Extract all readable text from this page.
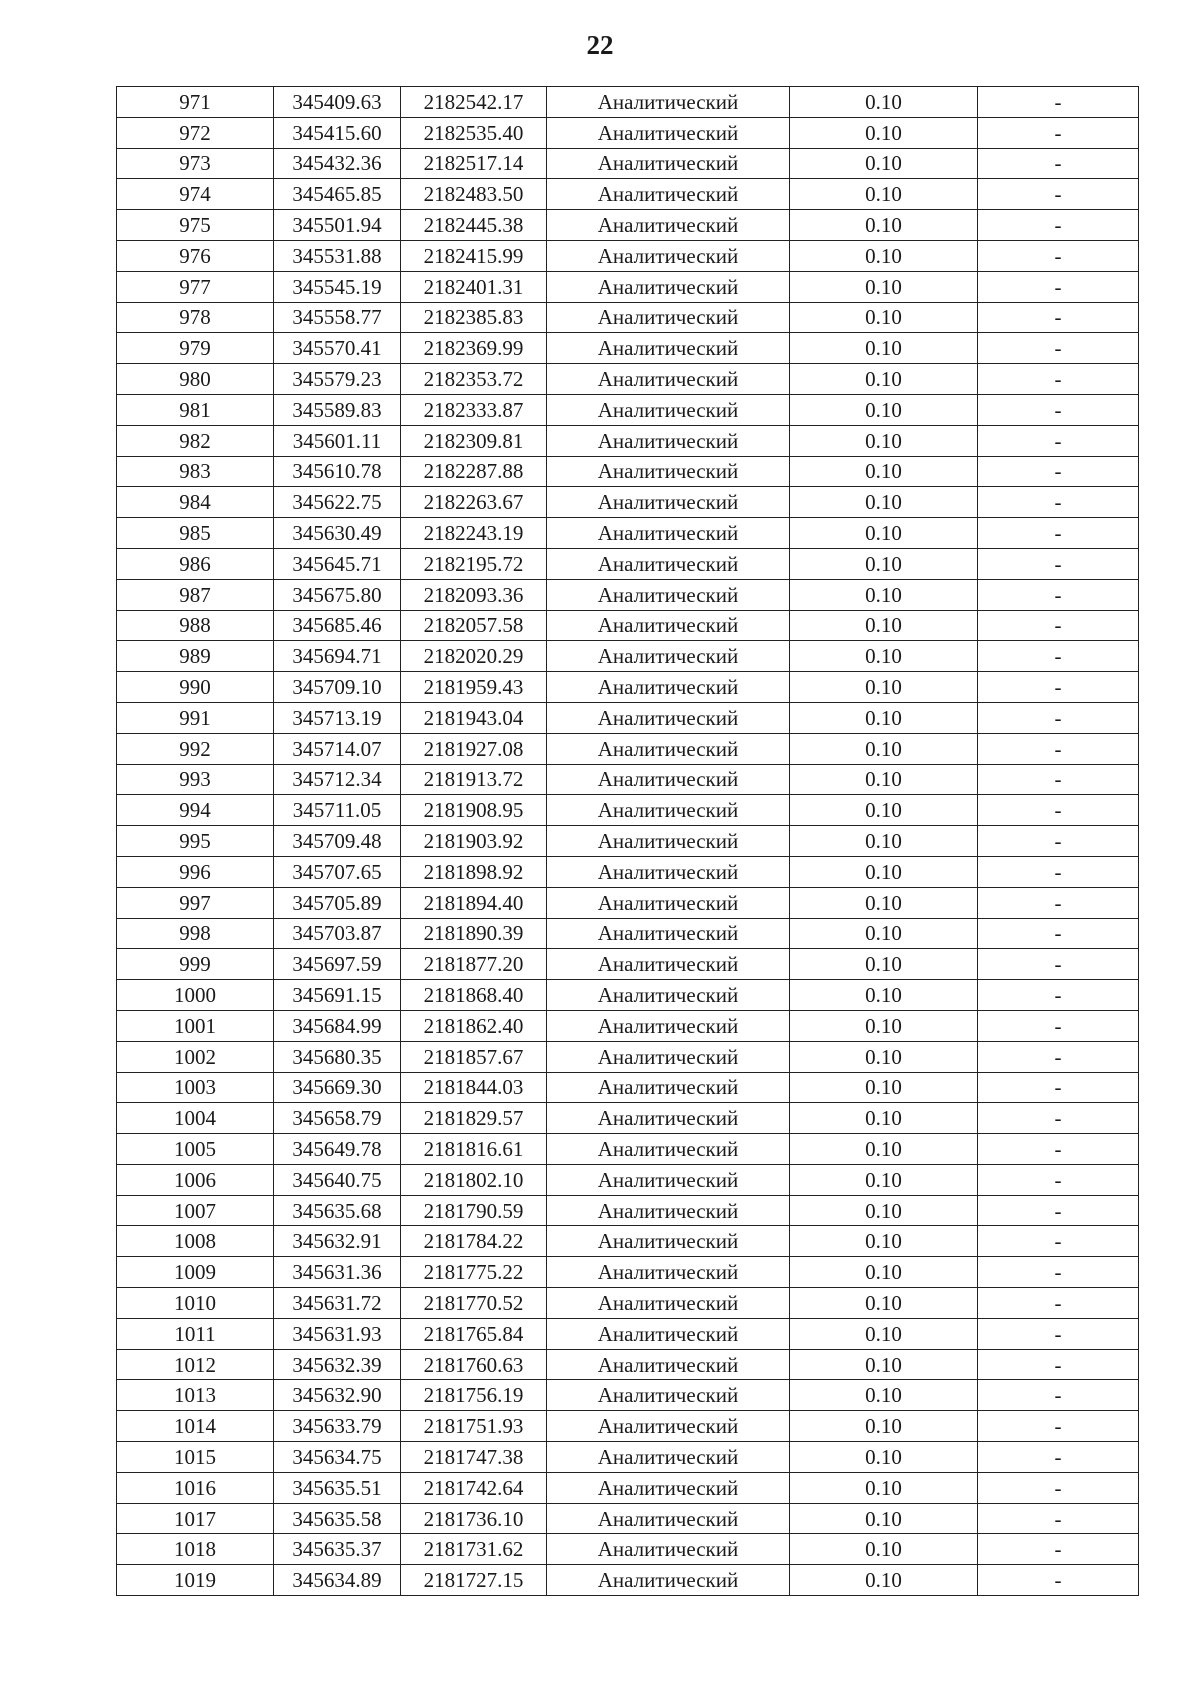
22
971	345409.63	2182542.17	Аналитический	0.10	-
972	345415.60	2182535.40	Аналитический	0.10	-
973	345432.36	2182517.14	Аналитический	0.10	-
974	345465.85	2182483.50	Аналитический	0.10	-
975	345501.94	2182445.38	Аналитический	0.10	-
976	345531.88	2182415.99	Аналитический	0.10	-
977	345545.19	2182401.31	Аналитический	0.10	-
978	345558.77	2182385.83	Аналитический	0.10	-
979	345570.41	2182369.99	Аналитический	0.10	-
980	345579.23	2182353.72	Аналитический	0.10	-
981	345589.83	2182333.87	Аналитический	0.10	-
982	345601.11	2182309.81	Аналитический	0.10	-
983	345610.78	2182287.88	Аналитический	0.10	-
984	345622.75	2182263.67	Аналитический	0.10	-
985	345630.49	2182243.19	Аналитический	0.10	-
986	345645.71	2182195.72	Аналитический	0.10	-
987	345675.80	2182093.36	Аналитический	0.10	-
988	345685.46	2182057.58	Аналитический	0.10	-
989	345694.71	2182020.29	Аналитический	0.10	-
990	345709.10	2181959.43	Аналитический	0.10	-
991	345713.19	2181943.04	Аналитический	0.10	-
992	345714.07	2181927.08	Аналитический	0.10	-
993	345712.34	2181913.72	Аналитический	0.10	-
994	345711.05	2181908.95	Аналитический	0.10	-
995	345709.48	2181903.92	Аналитический	0.10	-
996	345707.65	2181898.92	Аналитический	0.10	-
997	345705.89	2181894.40	Аналитический	0.10	-
998	345703.87	2181890.39	Аналитический	0.10	-
999	345697.59	2181877.20	Аналитический	0.10	-
1000	345691.15	2181868.40	Аналитический	0.10	-
1001	345684.99	2181862.40	Аналитический	0.10	-
1002	345680.35	2181857.67	Аналитический	0.10	-
1003	345669.30	2181844.03	Аналитический	0.10	-
1004	345658.79	2181829.57	Аналитический	0.10	-
1005	345649.78	2181816.61	Аналитический	0.10	-
1006	345640.75	2181802.10	Аналитический	0.10	-
1007	345635.68	2181790.59	Аналитический	0.10	-
1008	345632.91	2181784.22	Аналитический	0.10	-
1009	345631.36	2181775.22	Аналитический	0.10	-
1010	345631.72	2181770.52	Аналитический	0.10	-
1011	345631.93	2181765.84	Аналитический	0.10	-
1012	345632.39	2181760.63	Аналитический	0.10	-
1013	345632.90	2181756.19	Аналитический	0.10	-
1014	345633.79	2181751.93	Аналитический	0.10	-
1015	345634.75	2181747.38	Аналитический	0.10	-
1016	345635.51	2181742.64	Аналитический	0.10	-
1017	345635.58	2181736.10	Аналитический	0.10	-
1018	345635.37	2181731.62	Аналитический	0.10	-
1019	345634.89	2181727.15	Аналитический	0.10	-
